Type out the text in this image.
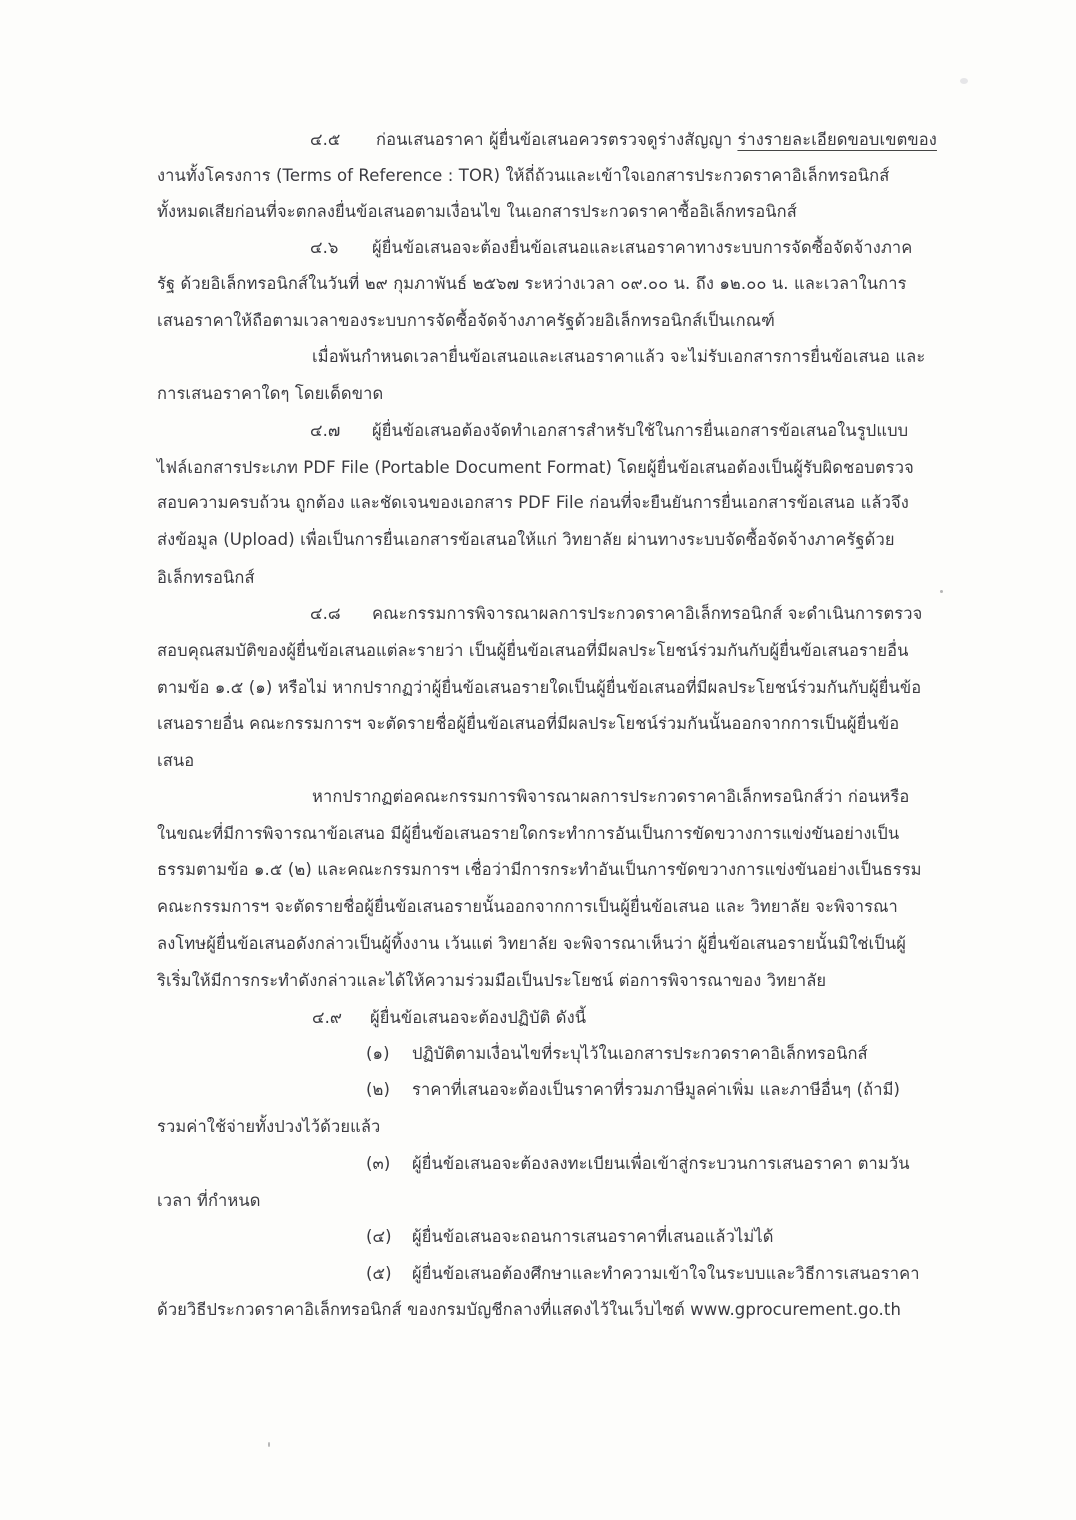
๔.๕ ก่อนเสนอราคา ผู้ยื่นข้อเสนอควรตรวจดูร่างสัญญา ร่างรายละเอียดขอบเขตของ
งานทั้งโครงการ (Terms of Reference : TOR) ให้ถี่ถ้วนและเข้าใจเอกสารประกวดราคาอิเล็กทรอนิกส์
ทั้งหมดเสียก่อนที่จะตกลงยื่นข้อเสนอตามเงื่อนไข ในเอกสารประกวดราคาซื้ออิเล็กทรอนิกส์
๔.๖ ผู้ยื่นข้อเสนอจะต้องยื่นข้อเสนอและเสนอราคาทางระบบการจัดซื้อจัดจ้างภาค
รัฐ ด้วยอิเล็กทรอนิกส์ในวันที่ ๒๙ กุมภาพันธ์ ๒๕๖๗ ระหว่างเวลา ๐๙.๐๐ น. ถึง ๑๒.๐๐ น. และเวลาในการ
เสนอราคาให้ถือตามเวลาของระบบการจัดซื้อจัดจ้างภาครัฐด้วยอิเล็กทรอนิกส์เป็นเกณฑ์
เมื่อพ้นกำหนดเวลายื่นข้อเสนอและเสนอราคาแล้ว จะไม่รับเอกสารการยื่นข้อเสนอ และ
การเสนอราคาใดๆ โดยเด็ดขาด
๔.๗ ผู้ยื่นข้อเสนอต้องจัดทำเอกสารสำหรับใช้ในการยื่นเอกสารข้อเสนอในรูปแบบ
ไฟล์เอกสารประเภท PDF File (Portable Document Format) โดยผู้ยื่นข้อเสนอต้องเป็นผู้รับผิดชอบตรวจ
สอบความครบถ้วน ถูกต้อง และชัดเจนของเอกสาร PDF File ก่อนที่จะยืนยันการยื่นเอกสารข้อเสนอ แล้วจึง
ส่งข้อมูล (Upload) เพื่อเป็นการยื่นเอกสารข้อเสนอให้แก่ วิทยาลัย ผ่านทางระบบจัดซื้อจัดจ้างภาครัฐด้วย
อิเล็กทรอนิกส์
๔.๘ คณะกรรมการพิจารณาผลการประกวดราคาอิเล็กทรอนิกส์ จะดำเนินการตรวจ
สอบคุณสมบัติของผู้ยื่นข้อเสนอแต่ละรายว่า เป็นผู้ยื่นข้อเสนอที่มีผลประโยชน์ร่วมกันกับผู้ยื่นข้อเสนอรายอื่น
ตามข้อ ๑.๕ (๑) หรือไม่ หากปรากฏว่าผู้ยื่นข้อเสนอรายใดเป็นผู้ยื่นข้อเสนอที่มีผลประโยชน์ร่วมกันกับผู้ยื่นข้อ
เสนอรายอื่น คณะกรรมการฯ จะตัดรายชื่อผู้ยื่นข้อเสนอที่มีผลประโยชน์ร่วมกันนั้นออกจากการเป็นผู้ยื่นข้อ
เสนอ
หากปรากฏต่อคณะกรรมการพิจารณาผลการประกวดราคาอิเล็กทรอนิกส์ว่า ก่อนหรือ
ในขณะที่มีการพิจารณาข้อเสนอ มีผู้ยื่นข้อเสนอรายใดกระทำการอันเป็นการขัดขวางการแข่งขันอย่างเป็น
ธรรมตามข้อ ๑.๕ (๒) และคณะกรรมการฯ เชื่อว่ามีการกระทำอันเป็นการขัดขวางการแข่งขันอย่างเป็นธรรม
คณะกรรมการฯ จะตัดรายชื่อผู้ยื่นข้อเสนอรายนั้นออกจากการเป็นผู้ยื่นข้อเสนอ และ วิทยาลัย จะพิจารณา
ลงโทษผู้ยื่นข้อเสนอดังกล่าวเป็นผู้ทิ้งงาน เว้นแต่ วิทยาลัย จะพิจารณาเห็นว่า ผู้ยื่นข้อเสนอรายนั้นมิใช่เป็นผู้
ริเริ่มให้มีการกระทำดังกล่าวและได้ให้ความร่วมมือเป็นประโยชน์ ต่อการพิจารณาของ วิทยาลัย
๔.๙ ผู้ยื่นข้อเสนอจะต้องปฏิบัติ ดังนี้
(๑) ปฏิบัติตามเงื่อนไขที่ระบุไว้ในเอกสารประกวดราคาอิเล็กทรอนิกส์
(๒) ราคาที่เสนอจะต้องเป็นราคาที่รวมภาษีมูลค่าเพิ่ม และภาษีอื่นๆ (ถ้ามี)
รวมค่าใช้จ่ายทั้งปวงไว้ด้วยแล้ว
(๓) ผู้ยื่นข้อเสนอจะต้องลงทะเบียนเพื่อเข้าสู่กระบวนการเสนอราคา ตามวัน
เวลา ที่กำหนด
(๔) ผู้ยื่นข้อเสนอจะถอนการเสนอราคาที่เสนอแล้วไม่ได้
(๕) ผู้ยื่นข้อเสนอต้องศึกษาและทำความเข้าใจในระบบและวิธีการเสนอราคา
ด้วยวิธีประกวดราคาอิเล็กทรอนิกส์ ของกรมบัญชีกลางที่แสดงไว้ในเว็บไซต์ www.gprocurement.go.th
